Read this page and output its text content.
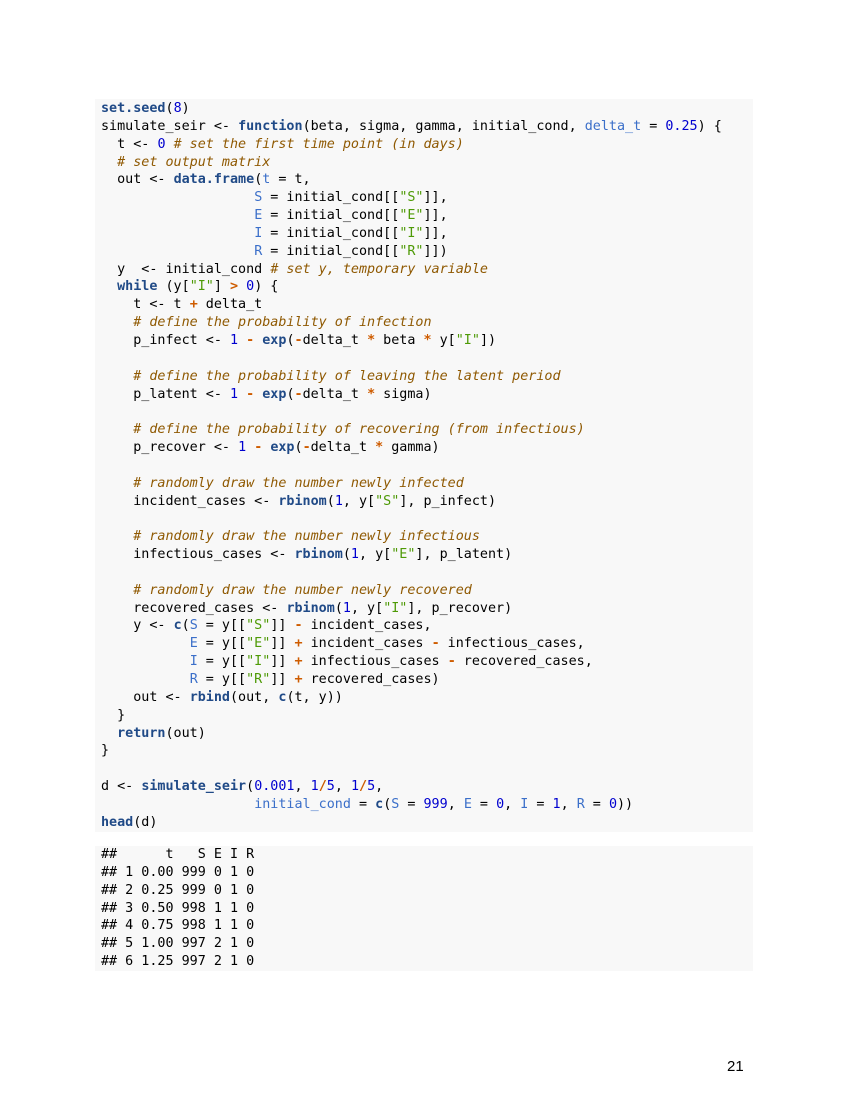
set.seed(8)
simulate_seir <- function(beta, sigma, gamma, initial_cond, delta_t = 0.25) {
t <- 0 # set the first time point (in days)
# set output matrix
out <- data.frame(t = t,
S = initial_cond[["S"]],
E = initial_cond[["E"]],
I = initial_cond[["I"]],
R = initial_cond[["R"]])
y  <- initial_cond # set y, temporary variable
while (y["I"] > 0) {
t <- t + delta_t
# define the probability of infection
p_infect <- 1 - exp(-delta_t * beta * y["I"])

# define the probability of leaving the latent period
p_latent <- 1 - exp(-delta_t * sigma)

# define the probability of recovering (from infectious)
p_recover <- 1 - exp(-delta_t * gamma)

# randomly draw the number newly infected
incident_cases <- rbinom(1, y["S"], p_infect)

# randomly draw the number newly infectious
infectious_cases <- rbinom(1, y["E"], p_latent)

# randomly draw the number newly recovered
recovered_cases <- rbinom(1, y["I"], p_recover)
y <- c(S = y[["S"]] - incident_cases,
E = y[["E"]] + incident_cases - infectious_cases,
I = y[["I"]] + infectious_cases - recovered_cases,
R = y[["R"]] + recovered_cases)
out <- rbind(out, c(t, y))
}
return(out)
}

d <- simulate_seir(0.001, 1/5, 1/5,
initial_cond = c(S = 999, E = 0, I = 1, R = 0))
head(d)
##      t   S E I R
## 1 0.00 999 0 1 0
## 2 0.25 999 0 1 0
## 3 0.50 998 1 1 0
## 4 0.75 998 1 1 0
## 5 1.00 997 2 1 0
## 6 1.25 997 2 1 0
21
